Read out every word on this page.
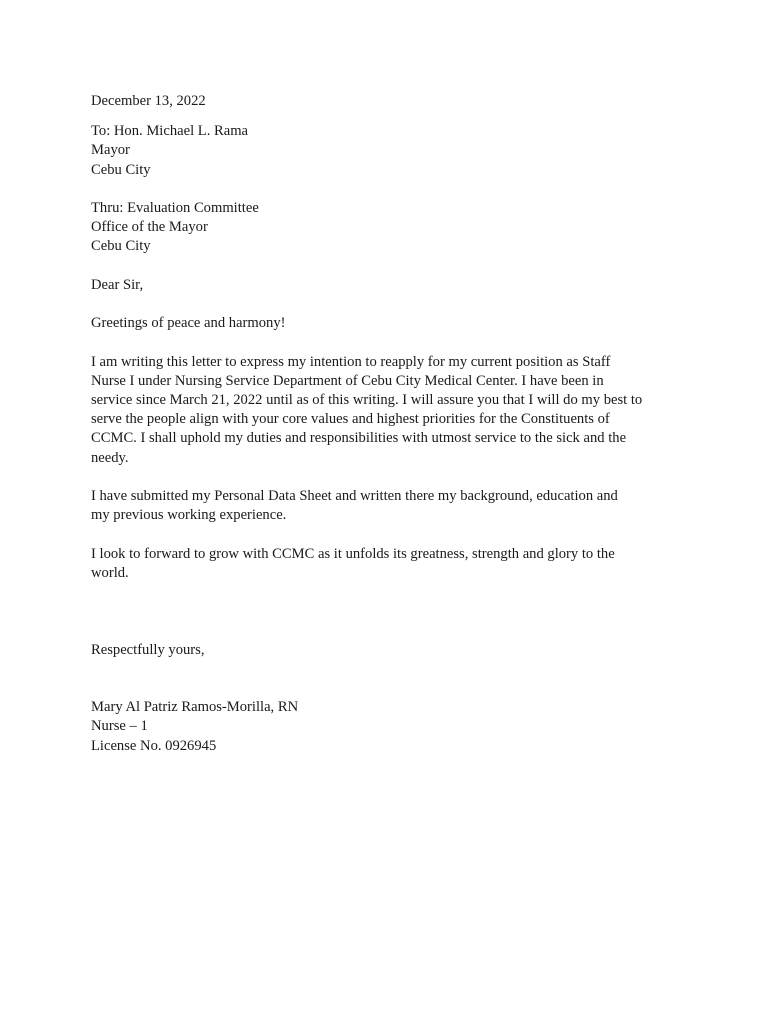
December 13, 2022
To: Hon. Michael L. Rama
Mayor
Cebu City
Thru: Evaluation Committee
Office of the Mayor
Cebu City
Dear Sir,
Greetings of peace and harmony!
I am writing this letter to express my intention to reapply for my current position as Staff
Nurse I under Nursing Service Department of Cebu City Medical Center. I have been in
service since March 21, 2022 until as of this writing. I will assure you that I will do my best to
serve the people align with your core values and highest priorities for the Constituents of
CCMC. I shall uphold my duties and responsibilities with utmost service to the sick and the
needy.
I have submitted my Personal Data Sheet and written there my background, education and
my previous working experience.
I look to forward to grow with CCMC as it unfolds its greatness, strength and glory to the
world.
Respectfully yours,
Mary Al Patriz Ramos-Morilla, RN
Nurse – 1
License No. 0926945
